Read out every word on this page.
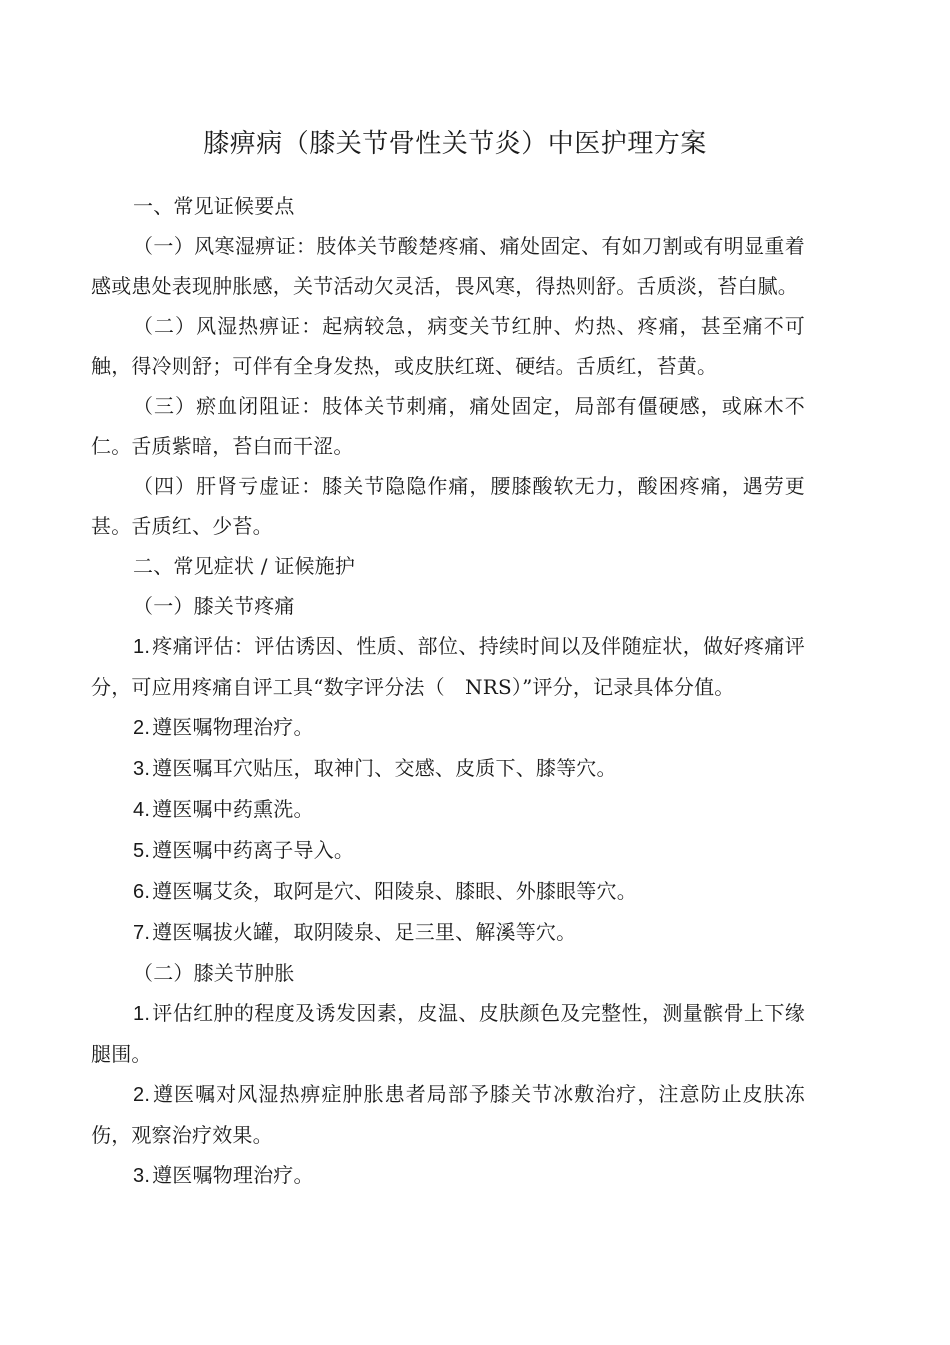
膝痹病（膝关节骨性关节炎）中医护理方案

一、常见证候要点

（一）风寒湿痹证：肢体关节酸楚疼痛、痛处固定、有如刀割或有明显重着感或患处表现肿胀感，关节活动欠灵活，畏风寒，得热则舒。舌质淡，苔白腻。

（二）风湿热痹证：起病较急，病变关节红肿、灼热、疼痛，甚至痛不可触，得冷则舒；可伴有全身发热，或皮肤红斑、硬结。舌质红，苔黄。

（三）瘀血闭阻证：肢体关节刺痛，痛处固定，局部有僵硬感，或麻木不仁。舌质紫暗，苔白而干涩。

（四）肝肾亏虚证：膝关节隐隐作痛，腰膝酸软无力，酸困疼痛，遇劳更甚。舌质红、少苔。

二、常见症状 / 证候施护

（一）膝关节疼痛

1. 疼痛评估：评估诱因、性质、部位、持续时间以及伴随症状，做好疼痛评分，可应用疼痛自评工具“数字评分法（　NRS）”评分，记录具体分值。

2. 遵医嘱物理治疗。

3. 遵医嘱耳穴贴压，取神门、交感、皮质下、膝等穴。

4. 遵医嘱中药熏洗。

5. 遵医嘱中药离子导入。

6. 遵医嘱艾灸，取阿是穴、阳陵泉、膝眼、外膝眼等穴。

7. 遵医嘱拔火罐，取阴陵泉、足三里、解溪等穴。

（二）膝关节肿胀

1. 评估红肿的程度及诱发因素，皮温、皮肤颜色及完整性，测量髌骨上下缘腿围。

2. 遵医嘱对风湿热痹症肿胀患者局部予膝关节冰敷治疗，注意防止皮肤冻伤，观察治疗效果。

3. 遵医嘱物理治疗。
